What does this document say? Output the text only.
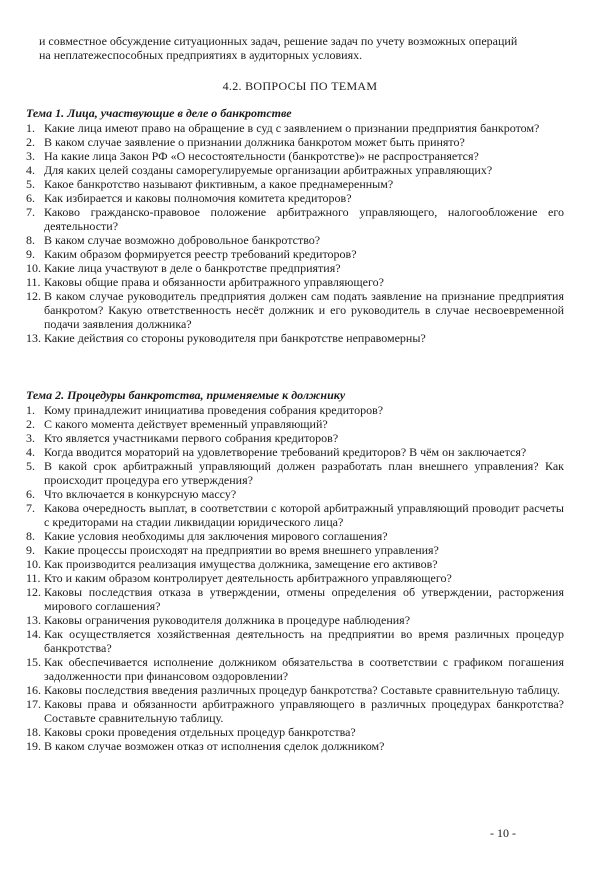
и совместное обсуждение ситуационных задач, решение задач по учету возможных операций

на неплатежеспособных предприятиях в аудиторных условиях.

4.2. ВОПРОСЫ ПО ТЕМАМ
Тема 1. Лица, участвующие в деле о банкротстве
1. Какие лица имеют право на обращение в суд с заявлением о признании предприятия банкротом?
2. В каком случае заявление о признании должника банкротом может быть принято?
3. На какие лица Закон РФ «О несостоятельности (банкротстве)» не распространяется?
4. Для каких целей созданы саморегулируемые организации арбитражных управляющих?
5. Какое банкротство называют фиктивным, а какое преднамеренным?
6. Как избирается и каковы полномочия комитета кредиторов?
7. Каково гражданско-правовое положение арбитражного управляющего, налогообложение его деятельности?
8. В каком случае возможно добровольное банкротство?
9. Каким образом формируется реестр требований кредиторов?
10. Какие лица участвуют в деле о банкротстве предприятия?
11. Каковы общие права и обязанности арбитражного управляющего?
12. В каком случае руководитель предприятия должен сам подать заявление на признание предприятия банкротом? Какую ответственность несёт должник и его руководитель в случае несвоевременной подачи заявления должника?
13. Какие действия со стороны руководителя при банкротстве неправомерны?
Тема 2. Процедуры банкротства, применяемые к должнику
1. Кому принадлежит инициатива проведения собрания кредиторов?
2. С какого момента действует временный управляющий?
3. Кто является участниками первого собрания кредиторов?
4. Когда вводится мораторий на удовлетворение требований кредиторов? В чём он заключается?
5. В какой срок арбитражный управляющий должен разработать план внешнего управления? Как происходит процедура его утверждения?
6. Что включается в конкурсную массу?
7. Какова очередность выплат, в соответствии с которой арбитражный управляющий проводит расчеты с кредиторами на стадии ликвидации юридического лица?
8. Какие условия необходимы для заключения мирового соглашения?
9. Какие процессы происходят на предприятии во время внешнего управления?
10. Как производится реализация имущества должника, замещение его активов?
11. Кто и каким образом контролирует деятельность арбитражного управляющего?
12. Каковы последствия отказа в утверждении, отмены определения об утверждении, расторжения мирового соглашения?
13. Каковы ограничения руководителя должника в процедуре наблюдения?
14. Как осуществляется хозяйственная деятельность на предприятии во время различных процедур банкротства?
15. Как обеспечивается исполнение должником обязательства в соответствии с графиком погашения задолженности при финансовом оздоровлении?
16. Каковы последствия введения различных процедур банкротства? Составьте сравнительную таблицу.
17. Каковы права и обязанности арбитражного управляющего в различных процедурах банкротства? Составьте сравнительную таблицу.
18. Каковы сроки проведения отдельных процедур банкротства?
19. В каком случае возможен отказ от исполнения сделок должником?
- 10 -
